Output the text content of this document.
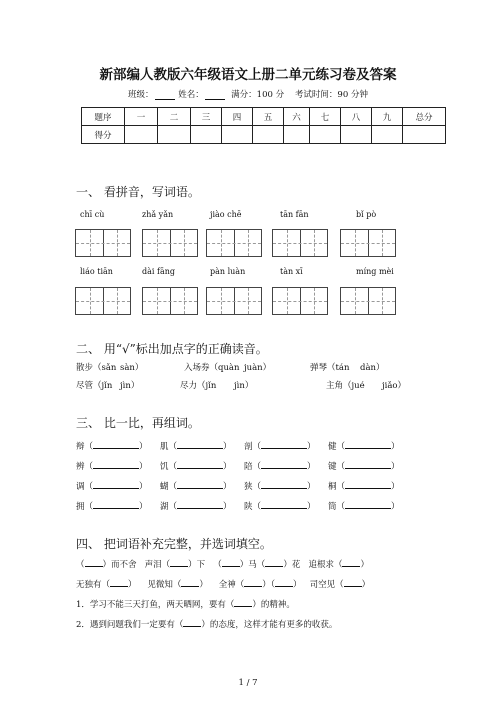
新部编人教版六年级语文上册二单元练习卷及答案
班级：	姓名：	满分：100 分 考试时间：90 分钟
题序	一	二	三	四	五	六	七	八	九	总分
得分										
一、 看拼音，写词语。
chī cù	zhǎ yǎn	jiào chē	tān fān	bǐ pò
liáo tiān	dài fāng	pàn luàn	tàn xī	míng mèi
二、 用“√”标出加点字的正确读音。
散步（sǎn sàn）	入场券（quàn juàn）	弹琴（tán dàn）
尽管（jǐn jìn）	尽力（jǐn jìn）	主角（jué jiǎo）
三、 比一比，再组词。
辩（	） 肌（	） 剖（	） 健（	）
辨（	） 饥（	） 陪（	） 键（	）
调（	） 蝴（	） 狭（	） 桐（	）
拥（	） 湖（	） 陕（	） 筒（	）
四、 把词语补充完整，并选词填空。
（ ）而不舍 声泪（ ）下 （ ）马（ ）花 追根求（ ）
无独有（ ） 见微知（ ） 全神（ ）（ ） 司空见（ ）
1．学习不能三天打鱼，两天晒网，要有（ ）的精神。
2．遇到问题我们一定要有（ ）的态度，这样才能有更多的收获。
1 / 7
